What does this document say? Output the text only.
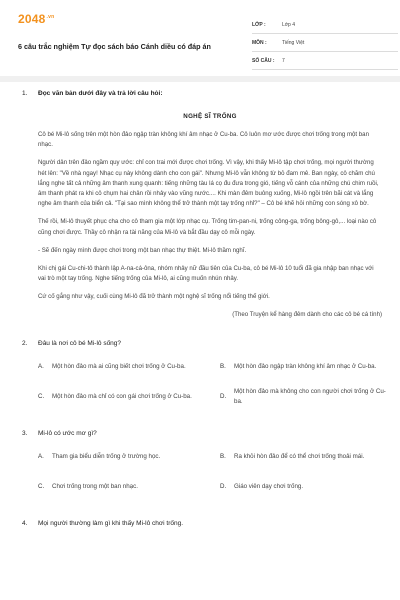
$2048^{.vn}$
6 câu trắc nghiệm Tự đọc sách báo Cánh diều có đáp án
LỚP :	Lớp 4
MÔN :	Tiếng Việt
SỐ CÂU :	7
1.	Đọc văn bản dưới đây và trả lời câu hỏi:
NGHỆ SĨ TRỐNG

Cô bé Mi-lô sống trên một hòn đảo ngập tràn không khí âm nhạc ở Cu-ba. Cô luôn mơ ước được chơi trống trong một ban nhạc.

Người dân trên đảo ngầm quy ước: chỉ con trai mới được chơi trống. Vì vậy, khi thấy Mi-lô tập chơi trống, mọi người thường hét lên: "Về nhà ngay! Nhạc cụ này không dành cho con gái". Nhưng Mi-lô vẫn không từ bỏ đam mê. Ban ngày, cô chăm chú lắng nghe tất cả những âm thanh xung quanh: tiếng những tàu lá cọ đu đưa trong gió, tiếng vỗ cánh của những chú chim ruồi, âm thanh phát ra khi cô chụm hai chân rồi nhảy vào vũng nước.... Khi màn đêm buông xuống, Mi-lô ngồi trên bãi cát và lắng nghe âm thanh của biển cả. "Tại sao mình không thể trở thành một tay trống nhỉ?" – Cô bé khẽ hỏi những con sóng xô bờ.

Thế rồi, Mi-lô thuyết phục cha cho cô tham gia một lớp nhạc cụ. Trống tim-pan-ni, trống công-ga, trống bông-gô,... loại nào cô cũng chơi được. Thầy cô nhận ra tài năng của Mi-lô và bắt đầu dạy cô mỗi ngày.

- Sẽ đến ngày mình được chơi trong một ban nhạc thự thiệt. Mi-lô thầm nghĩ.

Khi chị gái Cu-chi-tô thành lập A-na-cá-ôna, nhóm nhảy nữ đầu tiên của Cu-ba, cô bé Mi-lô 10 tuổi đã gia nhập ban nhạc với vai trò một tay trống. Nghe tiếng trống của Mi-lô, ai cũng muốn nhún nhảy.

Cứ cố gắng như vậy, cuối cùng Mi-lô đã trở thành một nghệ sĩ trống nổi tiếng thế giới.

(Theo Truyện kể hàng đêm dành cho các cô bé cá tính)

2.	Đâu là nơi cô bé Mi-lô sống?
A.	Một hòn đảo mà ai cũng biết chơi trống ở Cu-ba.	B.	Một hòn đảo ngập tràn không khí âm nhạc ở Cu-ba.
C.	Một hòn đảo mà chỉ có con gái chơi trống ở Cu-ba.	D.
Một hòn đảo mà không cho con người chơi trống ở Cu-ba.
3.	Mi-lô có ước mơ gì?
A.	Tham gia biểu diễn trống ở trường học.	B.	Ra khỏi hòn đảo để có thể chơi trống thoải mái.
C.	Chơi trống trong một ban nhạc.	D.	Giáo viên dạy chơi trống.
4.	Mọi người thường làm gì khi thấy Mi-lô chơi trống.
